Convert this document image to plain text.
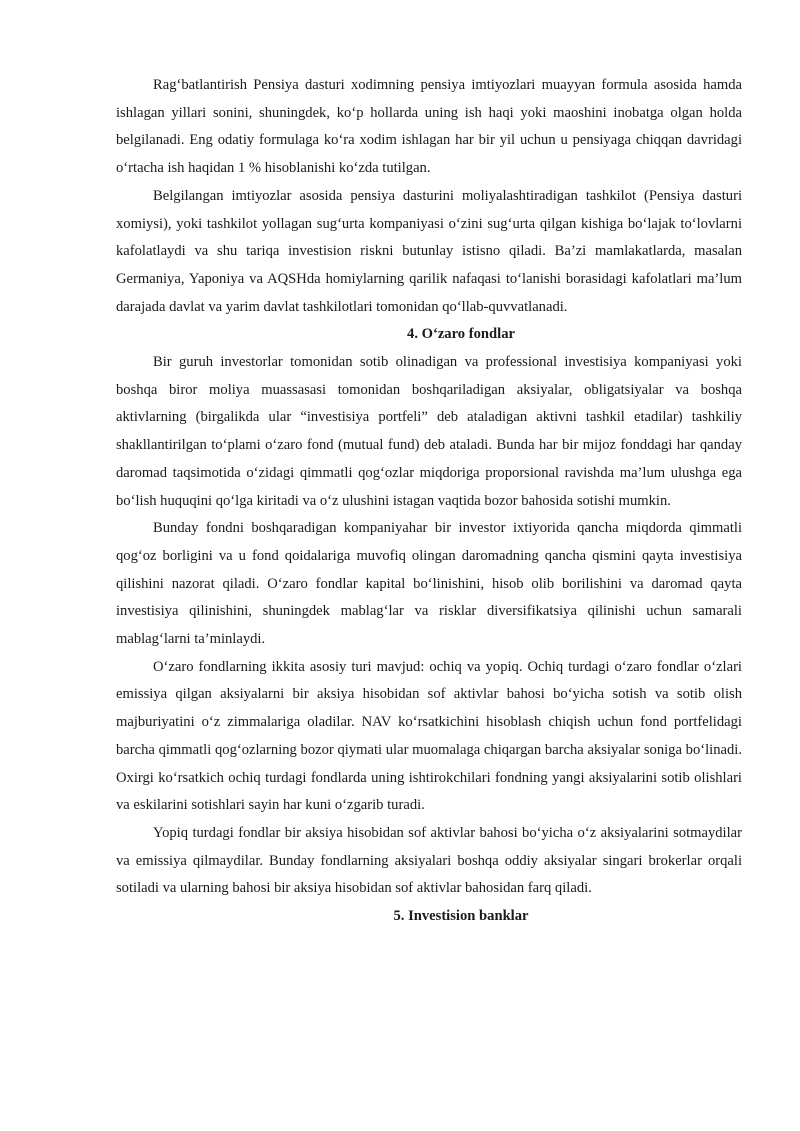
Rag‘batlantirish Pensiya dasturi xodimning pensiya imtiyozlari muayyan formula asosida hamda ishlagan yillari sonini, shuningdek, ko‘p hollarda uning ish haqi yoki maoshini inobatga olgan holda belgilanadi. Eng odatiy formulaga ko‘ra xodim ishlagan har bir yil uchun u pensiyaga chiqqan davridagi o‘rtacha ish haqidan 1 % hisoblanishi ko‘zda tutilgan.

Belgilangan imtiyozlar asosida pensiya dasturini moliyalashtiradigan tashkilot (Pensiya dasturi xomiysi), yoki tashkilot yollagan sug‘urta kompaniyasi o‘zini sug‘urta qilgan kishiga bo‘lajak to‘lovlarni kafolatlaydi va shu tariqa investision riskni butunlay istisno qiladi. Ba’zi mamlakatlarda, masalan Germaniya, Yaponiya va AQSHda homiylarning qarilik nafaqasi to‘lanishi borasidagi kafolatlari ma’lum darajada davlat va yarim davlat tashkilotlari tomonidan qo‘llab-quvvatlanadi.

4. O‘zaro fondlar

Bir guruh investorlar tomonidan sotib olinadigan va professional investisiya kompaniyasi yoki boshqa biror moliya muassasasi tomonidan boshqariladigan aksiyalar, obligatsiyalar va boshqa aktivlarning (birgalikda ular “investisiya portfeli” deb ataladigan aktivni tashkil etadilar) tashkiliy shakllantirilgan to‘plami o‘zaro fond (mutual fund) deb ataladi. Bunda har bir mijoz fonddagi har qanday daromad taqsimotida o‘zidagi qimmatli qog‘ozlar miqdoriga proporsional ravishda ma’lum ulushga ega bo‘lish huquqini qo‘lga kiritadi va o‘z ulushini istagan vaqtida bozor bahosida sotishi mumkin.

Bunday fondni boshqaradigan kompaniyahar bir investor ixtiyorida qancha miqdorda qimmatli qog‘oz borligini va u fond qoidalariga muvofiq olingan daromadning qancha qismini qayta investisiya qilishini nazorat qiladi. O‘zaro fondlar kapital bo‘linishini, hisob olib borilishini va daromad qayta investisiya qilinishini, shuningdek mablag‘lar va risklar diversifikatsiya qilinishi uchun samarali mablag‘larni ta’minlaydi.

O‘zaro fondlarning ikkita asosiy turi mavjud: ochiq va yopiq. Ochiq turdagi o‘zaro fondlar o‘zlari emissiya qilgan aksiyalarni bir aksiya hisobidan sof aktivlar bahosi bo‘yicha sotish va sotib olish majburiyatini o‘z zimmalariga oladilar. NAV ko‘rsatkichini hisoblash chiqish uchun fond portfelidagi barcha qimmatli qog‘ozlarning bozor qiymati ular muomalaga chiqargan barcha aksiyalar soniga bo‘linadi. Oxirgi ko‘rsatkich ochiq turdagi fondlarda uning ishtirokchilari fondning yangi aksiyalarini sotib olishlari va eskilarini sotishlari sayin har kuni o‘zgarib turadi.

Yopiq turdagi fondlar bir aksiya hisobidan sof aktivlar bahosi bo‘yicha o‘z aksiyalarini sotmaydilar va emissiya qilmaydilar. Bunday fondlarning aksiyalari boshqa oddiy aksiyalar singari brokerlar orqali sotiladi va ularning bahosi bir aksiya hisobidan sof aktivlar bahosidan farq qiladi.

5. Investision banklar
